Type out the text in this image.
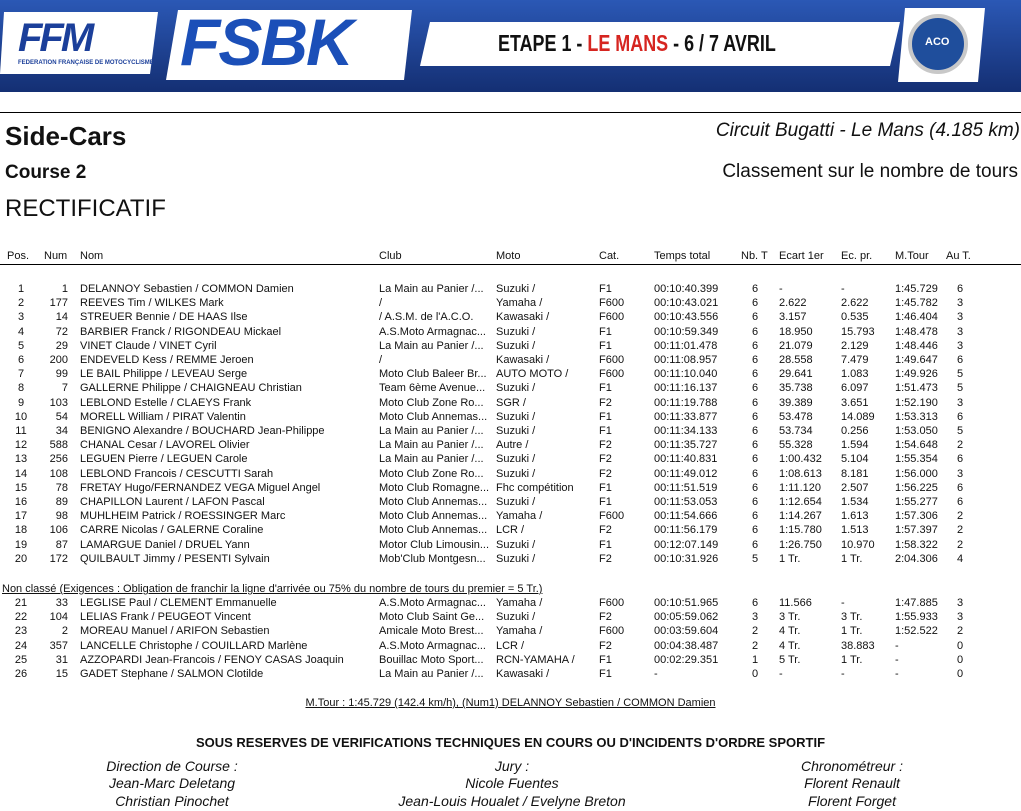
FFM
FEDERATION FRANÇAISE DE MOTOCYCLISME FSBK	ETAPE 1 - LE MANS - 6 / 7 AVRIL	ACO
Side-Cars
Course 2
RECTIFICATIF
Circuit Bugatti - Le Mans (4.185 km)
Classement sur le nombre de tours
Pos.	Num Nom	Club	Moto	Cat.	Temps total	Nb. T Ecart 1er Ec. pr. M.Tour Au T.
1	1 DELANNOY Sebastien / COMMON Damien	La Main au Panier /...	Suzuki /	F1	00:10:40.399	6 -	-	1:45.729 6
2	177 REEVES Tim / WILKES Mark	/	Yamaha /	F600	00:10:43.021	6 2.622	2.622 1:45.782 3
3	14 STREUER Bennie / DE HAAS Ilse	/ A.S.M. de l'A.C.O.	Kawasaki /	F600	00:10:43.556	6 3.157	0.535 1:46.404 3
4	72 BARBIER Franck / RIGONDEAU Mickael	A.S.Moto Armagnac... Suzuki /	F1	00:10:59.349	6 18.950	15.793 1:48.478 3
5	29 VINET Claude / VINET Cyril	La Main au Panier /...	Suzuki /	F1	00:11:01.478	6 21.079	2.129 1:48.446 3
6	200 ENDEVELD Kess / REMME Jeroen	/	Kawasaki /	F600	00:11:08.957	6 28.558	7.479 1:49.647 6
7	99 LE BAIL Philippe / LEVEAU Serge	Moto Club Baleer Br... AUTO MOTO /	F600	00:11:10.040	6 29.641	1.083 1:49.926 5
8	7 GALLERNE Philippe / CHAIGNEAU Christian	Team 6ème Avenue... Suzuki /	F1	00:11:16.137	6 35.738	6.097 1:51.473 5
9	103 LEBLOND Estelle / CLAEYS Frank	Moto Club Zone Ro...	SGR /	F2	00:11:19.788	6 39.389	3.651 1:52.190 3
10	54 MORELL William / PIRAT Valentin	Moto Club Annemas... Suzuki /	F1	00:11:33.877	6 53.478	14.089 1:53.313 6
11	34 BENIGNO Alexandre / BOUCHARD Jean-Philippe	La Main au Panier /...	Suzuki /	F1	00:11:34.133	6 53.734	0.256 1:53.050 5
12	588 CHANAL Cesar / LAVOREL Olivier	La Main au Panier /...	Autre /	F2	00:11:35.727	6 55.328	1.594 1:54.648 2
13	256 LEGUEN Pierre / LEGUEN Carole	La Main au Panier /...	Suzuki /	F2	00:11:40.831	6 1:00.432 5.104 1:55.354 6
14	108 LEBLOND Francois / CESCUTTI Sarah	Moto Club Zone Ro...	Suzuki /	F2	00:11:49.012	6 1:08.613 8.181 1:56.000 3
15	78 FRETAY Hugo/FERNANDEZ VEGA Miguel Angel	Moto Club Romagne... Fhc compétition	F1	00:11:51.519	6 1:11.120 2.507 1:56.225 6
16	89 CHAPILLON Laurent / LAFON Pascal	Moto Club Annemas... Suzuki /	F1	00:11:53.053	6 1:12.654 1.534 1:55.277 6
17	98 MUHLHEIM Patrick / ROESSINGER Marc	Moto Club Annemas... Yamaha /	F600	00:11:54.666	6 1:14.267 1.613 1:57.306 2
18	106 CARRE Nicolas / GALERNE Coraline	Moto Club Annemas... LCR /	F2	00:11:56.179	6 1:15.780 1.513 1:57.397 2
19	87 LAMARGUE Daniel / DRUEL Yann	Motor Club Limousin... Suzuki /	F1	00:12:07.149	6 1:26.750 10.970 1:58.322 2
20	172 QUILBAULT Jimmy / PESENTI Sylvain	Mob'Club Montgesn... Suzuki /	F2	00:10:31.926	5 1 Tr.	1 Tr.	2:04.306 4
Non classé (Exigences : Obligation de franchir la ligne d'arrivée ou 75% du nombre de tours du premier = 5 Tr.)
21	33 LEGLISE Paul / CLEMENT Emmanuelle	A.S.Moto Armagnac... Yamaha /	F600	00:10:51.965	6 11.566	-	1:47.885 3
22	104 LELIAS Frank / PEUGEOT Vincent	Moto Club Saint Ge...	Suzuki /	F2	00:05:59.062	3 3 Tr.	3 Tr.	1:55.933 3
23	2 MOREAU Manuel / ARIFON Sebastien	Amicale Moto Brest...	Yamaha /	F600	00:03:59.604	2 4 Tr.	1 Tr.	1:52.522 2
24	357 LANCELLE Christophe / COUILLARD Marlène	A.S.Moto Armagnac... LCR /	F2	00:04:38.487	2 4 Tr.	38.883 -	0
25	31 AZZOPARDI Jean-Francois / FENOY CASAS Joaquin	Bouillac Moto Sport...	RCN-YAMAHA /	F1	00:02:29.351	1 5 Tr.	1 Tr.	-	0
26	15 GADET Stephane / SALMON Clotilde	La Main au Panier /...	Kawasaki /	F1	-	0 -	-	-	0
M.Tour : 1:45.729 (142.4 km/h), (Num1) DELANNOY Sebastien / COMMON Damien
SOUS RESERVES DE VERIFICATIONS TECHNIQUES EN COURS OU D'INCIDENTS D'ORDRE SPORTIF
Direction de Course :
Jean-Marc Deletang
Christian Pinochet
Jury :
Nicole Fuentes
Jean-Louis Houalet / Evelyne Breton
Chronométreur :
Florent Renault
Florent Forget
